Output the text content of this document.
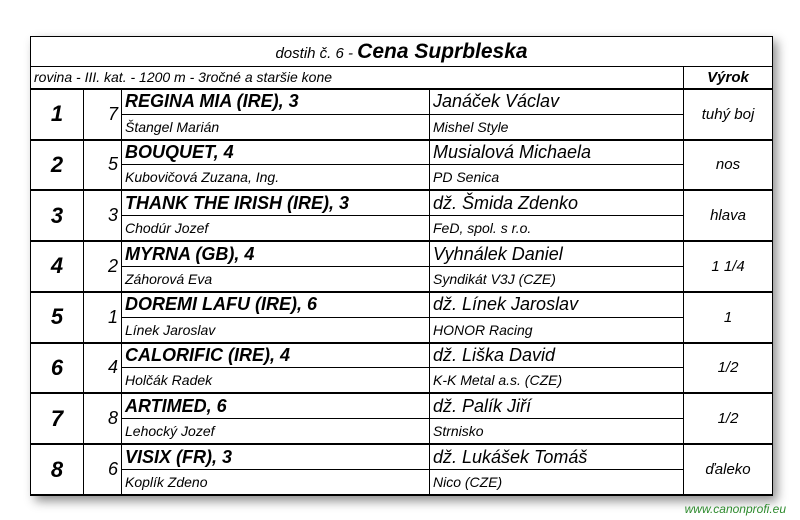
dostih č. 6 - Cena Suprbleska				
rovina - III. kat. - 1200 m - 3ročné a staršie kone				Výrok
1	7	REGINA MIA (IRE), 3	Janáček Václav	tuhý boj
		Štangel Marián	Mishel Style	
2	5	BOUQUET, 4	Musialová Michaela	nos
		Kubovičová Zuzana, Ing.	PD Senica	
3	3	THANK THE IRISH (IRE), 3	dž. Šmida Zdenko	hlava
		Chodúr Jozef	FeD, spol. s r.o.	
4	2	MYRNA (GB), 4	Vyhnálek Daniel	1 1/4
		Záhorová Eva	Syndikát V3J (CZE)	
5	1	DOREMI LAFU (IRE), 6	dž. Línek Jaroslav	1
		Línek Jaroslav	HONOR Racing	
6	4	CALORIFIC (IRE), 4	dž. Liška David	1/2
		Holčák Radek	K-K Metal a.s. (CZE)	
7	8	ARTIMED, 6	dž. Palík Jiří	1/2
		Lehocký Jozef	Strnisko	
8	6	VISIX (FR), 3	dž. Lukášek Tomáš	ďaleko
		Koplík Zdeno	Nico (CZE)	
www.canonprofi.eu
